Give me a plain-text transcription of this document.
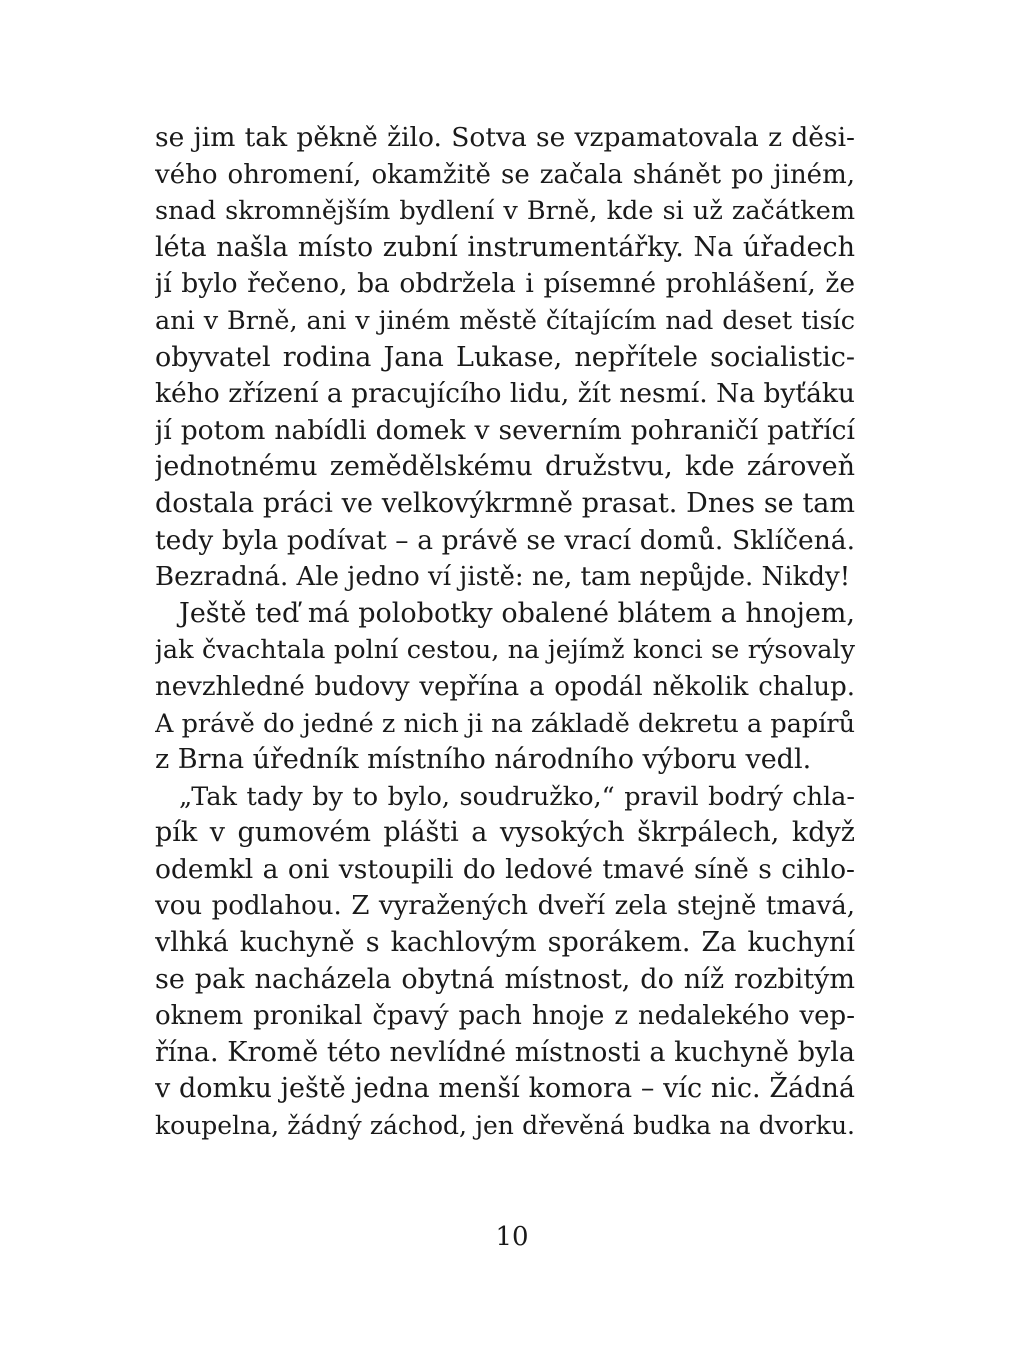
se jim tak pěkně žilo. Sotva se vzpamatovala z děsi-
vého ohromení, okamžitě se začala shánět po jiném,
snad skromnějším bydlení v Brně, kde si už začátkem
léta našla místo zubní instrumentářky. Na úřadech
jí bylo řečeno, ba obdržela i písemné prohlášení, že
ani v Brně, ani v jiném městě čítajícím nad deset tisíc
obyvatel rodina Jana Lukase, nepřítele socialistic-
kého zřízení a pracujícího lidu, žít nesmí. Na byťáku
jí potom nabídli domek v severním pohraničí patřící
jednotnému zemědělskému družstvu, kde zároveň
dostala práci ve velkovýkrmně prasat. Dnes se tam
tedy byla podívat – a právě se vrací domů. Sklíčená.
Bezradná. Ale jedno ví jistě: ne, tam nepůjde. Nikdy!
Ještě teď má polobotky obalené blátem a hnojem,
jak čvachtala polní cestou, na jejímž konci se rýsovaly
nevzhledné budovy vepřína a opodál několik chalup.
A právě do jedné z nich ji na základě dekretu a papírů
z Brna úředník místního národního výboru vedl.
„Tak tady by to bylo, soudružko,“ pravil bodrý chla-
pík v gumovém plášti a vysokých škrpálech, když
odemkl a oni vstoupili do ledové tmavé síně s cihlo-
vou podlahou. Z vyražených dveří zela stejně tmavá,
vlhká kuchyně s kachlovým sporákem. Za kuchyní
se pak nacházela obytná místnost, do níž rozbitým
oknem pronikal čpavý pach hnoje z nedalekého vep-
řína. Kromě této nevlídné místnosti a kuchyně byla
v domku ještě jedna menší komora – víc nic. Žádná
koupelna, žádný záchod, jen dřevěná budka na dvorku.
10
